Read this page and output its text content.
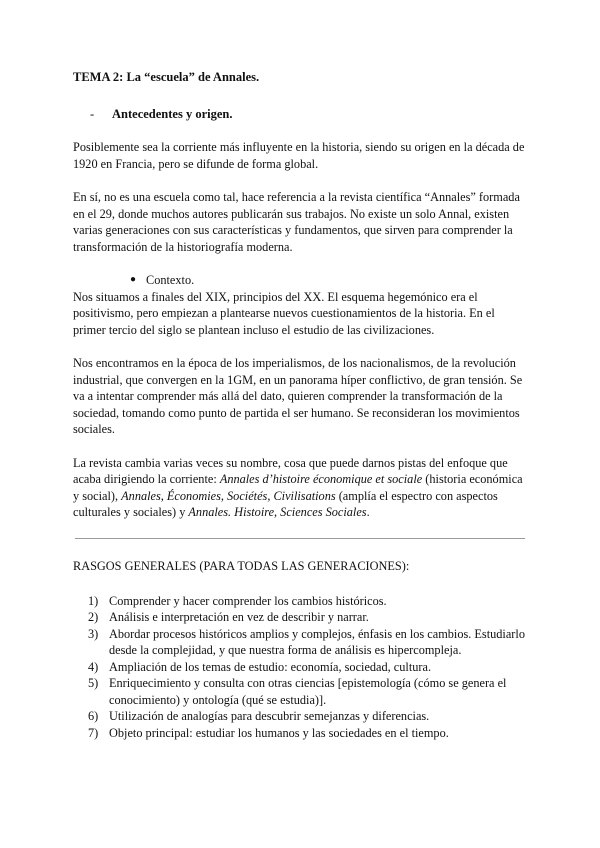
TEMA 2: La “escuela” de Annales.
-	Antecedentes y origen.

Posiblemente sea la corriente más influyente en la historia, siendo su origen en la década de 1920 en Francia, pero se difunde de forma global.

En sí, no es una escuela como tal, hace referencia a la revista científica “Annales” formada en el 29, donde muchos autores publicarán sus trabajos. No existe un solo Annal, existen varias generaciones con sus características y fundamentos, que sirven para comprender la transformación de la historiografía moderna.

● Contexto.

Nos situamos a finales del XIX, principios del XX. El esquema hegemónico era el positivismo, pero empiezan a plantearse nuevos cuestionamientos de la historia. En el primer tercio del siglo se plantean incluso el estudio de las civilizaciones.

Nos encontramos en la época de los imperialismos, de los nacionalismos, de la revolución industrial, que convergen en la 1GM, en un panorama híper conflictivo, de gran tensión. Se va a intentar comprender más allá del dato, quieren comprender la transformación de la sociedad, tomando como punto de partida el ser humano. Se reconsideran los movimientos sociales.

La revista cambia varias veces su nombre, cosa que puede darnos pistas del enfoque que acaba dirigiendo la corriente: Annales d’histoire économique et sociale (historia económica y social), Annales, Économies, Sociétés, Civilisations (amplía el espectro con aspectos culturales y sociales) y Annales. Histoire, Sciences Sociales.

RASGOS GENERALES (PARA TODAS LAS GENERACIONES):
1) Comprender y hacer comprender los cambios históricos.
2) Análisis e interpretación en vez de describir y narrar.
3) Abordar procesos históricos amplios y complejos, énfasis en los cambios. Estudiarlo desde la complejidad, y que nuestra forma de análisis es hipercompleja.
4) Ampliación de los temas de estudio: economía, sociedad, cultura.
5) Enriquecimiento y consulta con otras ciencias [epistemología (cómo se genera el conocimiento) y ontología (qué se estudia)].
6) Utilización de analogías para descubrir semejanzas y diferencias.
7) Objeto principal: estudiar los humanos y las sociedades en el tiempo.
